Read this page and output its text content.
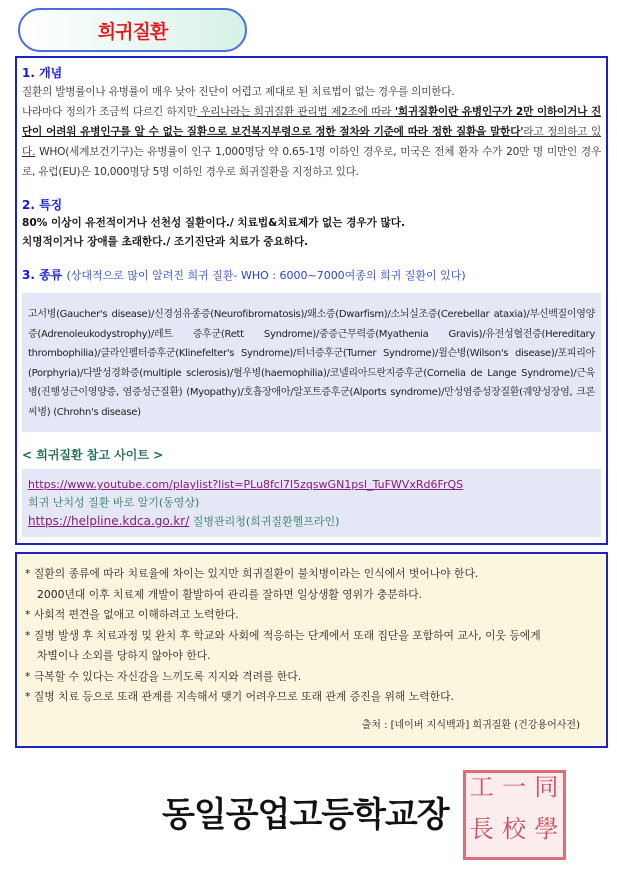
희귀질환
1. 개념
질환의 발병률이나 유병률이 매우 낮아 진단이 어렵고 제대로 된 치료법이 없는 경우를 의미한다.
나라마다 정의가 조금씩 다르긴 하지만 우리나라는 희귀질환 관리법 제2조에 따라 '희귀질환이란 유병인구가 2만 이하이거나 진단이 어려워 유병인구를 알 수 없는 질환으로 보건복지부령으로 정한 절차와 기준에 따라 정한 질환을 말한다'라고 정의하고 있다. WHO(세계보건기구)는 유병률이 인구 1,000명당 약 0.65-1명 이하인 경우로, 미국은 전체 환자 수가 20만 명 미만인 경우로, 유럽(EU)은 10,000명당 5명 이하인 경우로 희귀질환을 지정하고 있다.
2. 특징
80% 이상이 유전적이거나 선천성 질환이다./ 치료법&치료제가 없는 경우가 많다.
치명적이거나 장애를 초래한다./ 조기진단과 치료가 중요하다.
3. 종류 (상대적으로 많이 알려진 희귀 질환- WHO : 6000~7000여종의 희귀 질환이 있다)
고서병(Gaucher's disease)/신경섬유종증(Neurofibromatosis)/왜소증(Dwarfism)/소뇌실조증(Cerebellar ataxia)/부신백질이영양증(Adrenoleukodystrophy)/레트 증후군(Rett Syndrome)/중증근무력증(Myathenia Gravis)/유전성혈전증(Hereditary thrombophilia)/클라인펠터증후군(Klinefelter's Syndrome)/터너증후군(Turner Syndrome)/윌슨병(Wilson's disease)/포피리아(Porphyria)/다발성경화증(multiple sclerosis)/혈우병(haemophilia)/코넬리아드란지증후군(Cornelia de Lange Syndrome)/근육병(진행성근이영양증, 염증성근질환) (Myopathy)/호흡장애아/알포트증후군(Alports syndrome)/만성염증성장질환(궤양성장염, 크론씨병) (Chrohn's disease)
< 희귀질환 참고 사이트 >
https://www.youtube.com/playlist?list=PLu8fcl7l5zqswGN1psl_TuFWVxRd6FrQS
희귀 난치성 질환 바로 알기(동영상)
https://helpline.kdca.go.kr/ 질병관리청(희귀질환헬프라인)
* 질환의 종류에 따라 치료율에 차이는 있지만 희귀질환이 불치병이라는 인식에서 벗어나야 한다.
2000년대 이후 치료제 개발이 활발하여 관리를 잘하면 일상생활 영위가 충분하다.
* 사회적 편견을 없애고 이해하려고 노력한다.
* 질병 발생 후 치료과정 및 완치 후 학교와 사회에 적응하는 단계에서 또래 집단을 포함하여 교사, 이웃 등에게
차별이나 소외를 당하지 않아야 한다.
* 극복할 수 있다는 자신감을 느끼도록 지지와 격려를 한다.
* 질병 치료 등으로 또래 관계를 지속해서 맺기 어려우므로 또래 관계 증진을 위해 노력한다.
출처 : [네이버 지식백과] 희귀질환 (건강용어사전)
동일공업고등학교장
工 一 同
長 校 學
